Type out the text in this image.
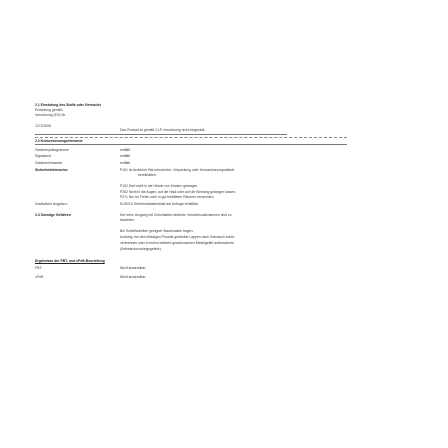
2.1 Einstufung des Stoffs oder Gemischs
Einstufung gemäß
Verordnung (EG) Nr.
1272/2008
Das Produkt ist gemäß CLP-Verordnung nicht eingestuft.
2.2 Kennzeichnungselemente
Gefahrenpiktogramme	entfällt
Signalwort	entfällt
Gefahrenhinweise	entfällt
Sicherheitshinweise	P101 Ist ärztlicher Rat erforderlich, Verpackung oder Kennzeichnungsetikett
bereithalten.
P102 Darf nicht in die Hände von Kindern gelangen.
P262 Nicht in die Augen, auf die Haut oder auf die Kleidung gelangen lassen.
P271 Nur im Freien oder in gut belüfteten Räumen verwenden.
Zusätzliche Angaben:	EUH210 Sicherheitsdatenblatt auf Anfrage erhältlich.
2.3 Sonstige Gefahren	Der beim Umgang mit Chemikalien üblichen Vorsichtsmaßnahmen sind zu
beachten.
Bei Schleifarbeiten geeignet Staubmaske tragen.
Achtung: bei dem flüssigen Produkt getränkte Lappen nach Gebrauch sofort
verbrennen oder in einem luftdicht geschlossenen Metallgefäß aufbewahren
(Selbstentzündungsgefahr).
Ergebnisse der PBT- und vPvB-Beurteilung
PBT:	Nicht anwendbar.
vPvB:	Nicht anwendbar.
